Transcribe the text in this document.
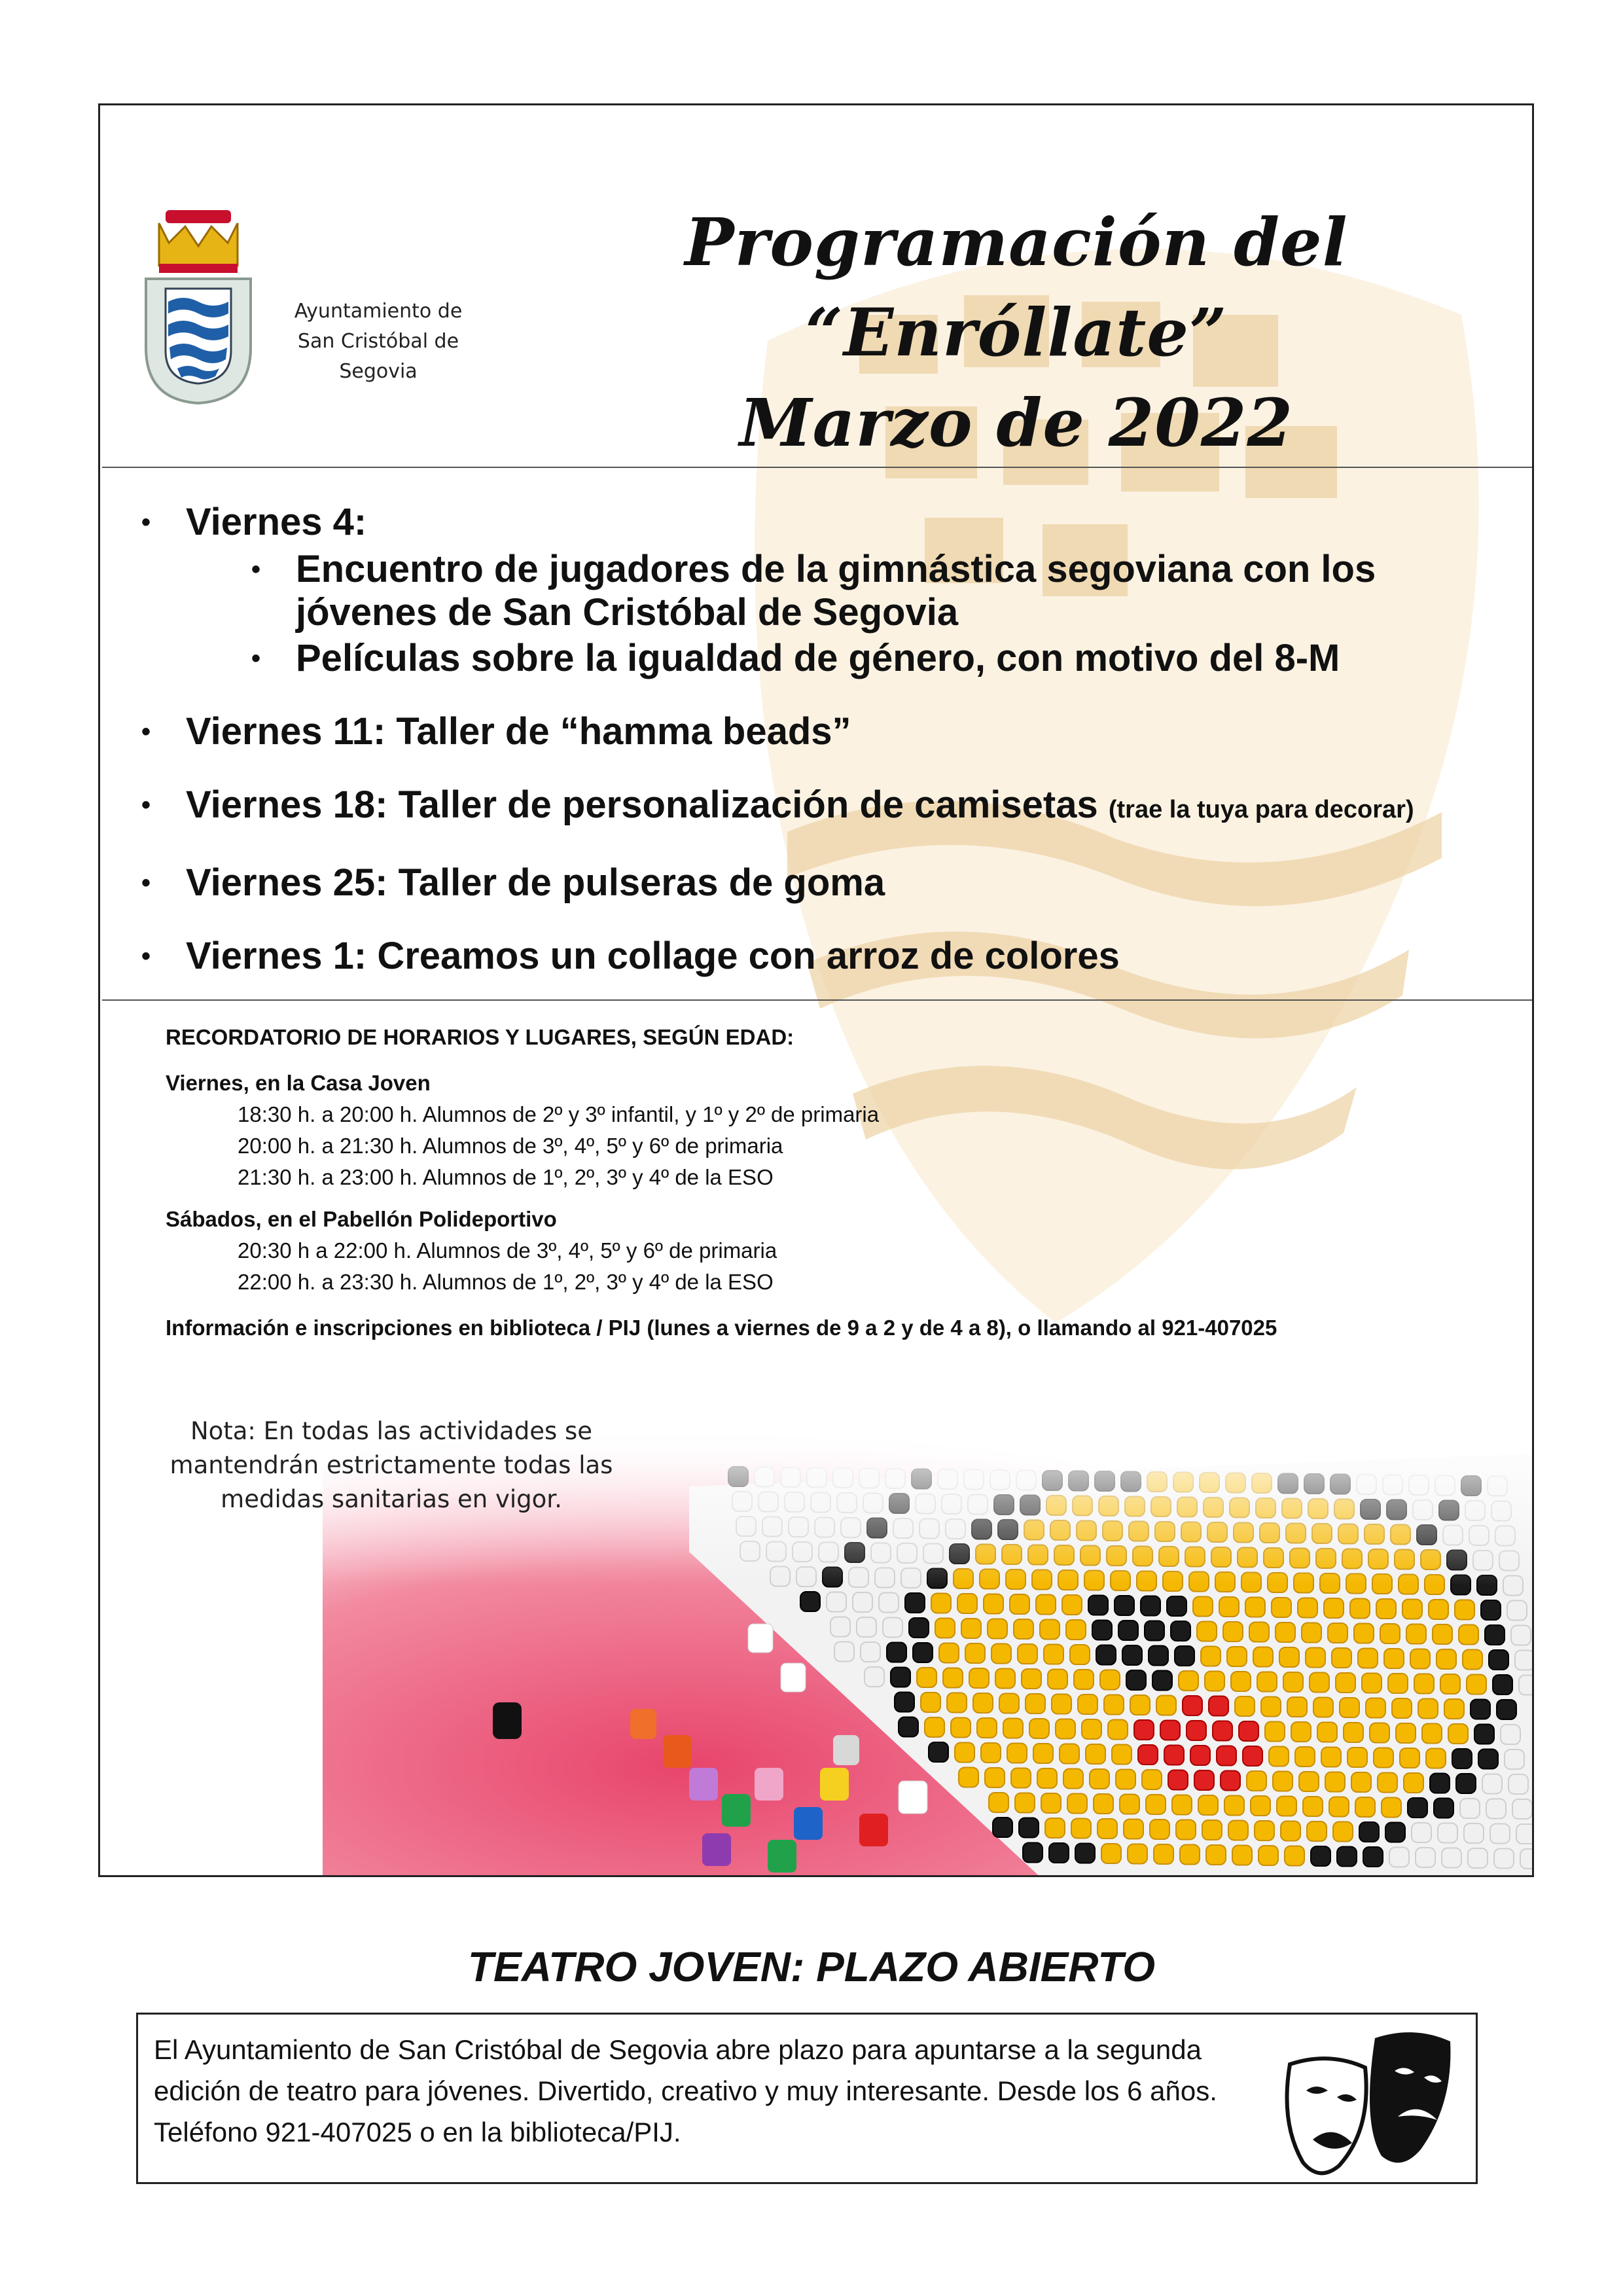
Ayuntamiento de
San Cristóbal de Segovia
Programación del “Enróllate”
Marzo de 2022
• Viernes 4:
• Encuentro de jugadores de la gimnástica segoviana con los jóvenes de San Cristóbal de Segovia
• Películas sobre la igualdad de género, con motivo del 8-M
• Viernes 11: Taller de “hamma beads”
• Viernes 18: Taller de personalización de camisetas (trae la tuya para decorar)
• Viernes 25: Taller de pulseras de goma
• Viernes 1: Creamos un collage con arroz de colores
RECORDATORIO DE HORARIOS Y LUGARES, SEGÚN EDAD:
Viernes, en la Casa Joven
18:30 h. a 20:00 h. Alumnos de 2º y 3º infantil, y 1º y 2º de primaria
20:00 h. a 21:30 h. Alumnos de 3º, 4º, 5º y 6º de primaria
21:30 h. a 23:00 h. Alumnos de 1º, 2º, 3º y 4º de la ESO
Sábados, en el Pabellón Polideportivo
20:30 h a 22:00 h. Alumnos de 3º, 4º, 5º y 6º de primaria
22:00 h. a 23:30 h. Alumnos de 1º, 2º, 3º y 4º de la ESO
Información e inscripciones en biblioteca / PIJ (lunes a viernes de 9 a 2 y de 4 a 8), o llamando al 921-407025
Nota: En todas las actividades se mantendrán estrictamente todas las medidas sanitarias en vigor.
TEATRO JOVEN: PLAZO ABIERTO
El Ayuntamiento de San Cristóbal de Segovia abre plazo para apuntarse a la segunda edición de teatro para jóvenes. Divertido, creativo y muy interesante. Desde los 6 años. Teléfono 921-407025 o en la biblioteca/PIJ.
